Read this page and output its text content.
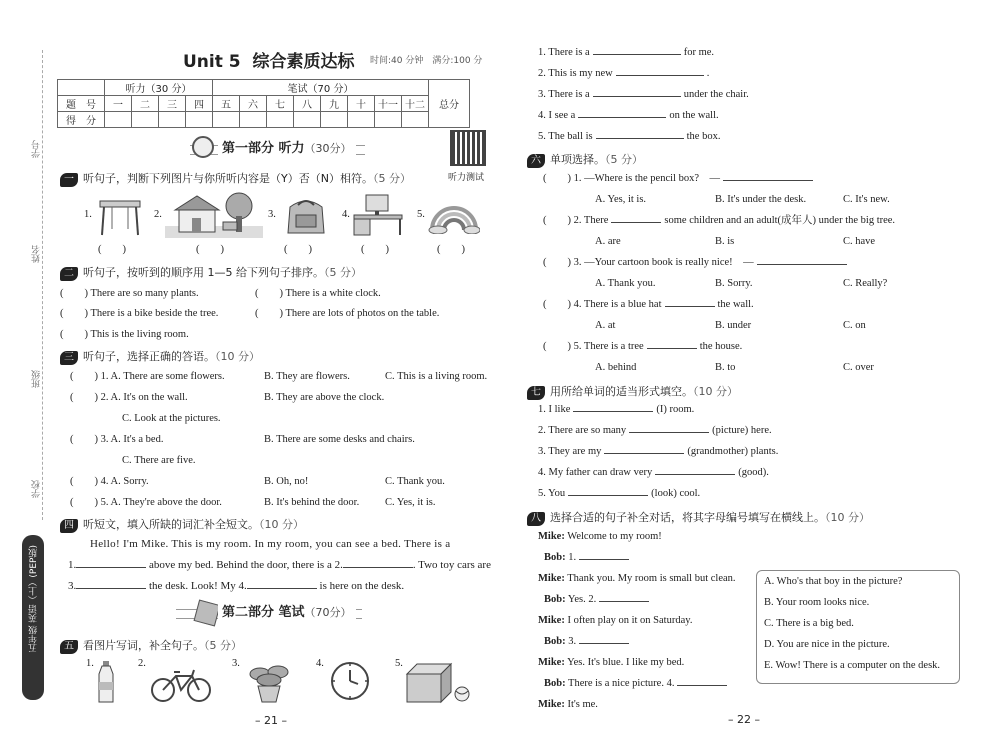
学号
姓名
班级
学校
五年级 英语（上）(PEP版)
Unit 5 综合素质达标 时间:40 分钟　满分:100 分
	听力（30 分）				笔试（70 分）								总分
题　号	一	二	三	四	五	六	七	八	九	十	十一	十二	
得　分													
听力测试
第一部分 听力（30分）
一 听句子，判断下列图片与你所听内容是（Y）否（N）相符。（5 分）
1.	2.	3.	4.	5.
(　　)	(　　)	(　　)	(　　)	(　　)
二 听句子，按听到的顺序用 1—5 给下列句子排序。（5 分）
(　　) There are so many plants.	(　　) There is a white clock.
(　　) There is a bike beside the tree.	(　　) There are lots of photos on the table.
(　　) This is the living room.
三 听句子，选择正确的答语。（10 分）
(　　) 1. A. There are some flowers.	B. They are flowers.	C. This is a living room.
(　　) 2. A. It's on the wall.	B. They are above the clock.
C. Look at the pictures.
(　　) 3. A. It's a bed.	B. There are some desks and chairs.
C. There are five.
(　　) 4. A. Sorry.	B. Oh, no!	C. Thank you.
(　　) 5. A. They're above the door.	B. It's behind the door. C. Yes, it is.
四 听短文，填入所缺的词汇补全短文。（10 分）
Hello! I'm Mike. This is my room. In my room, you can see a bed. There is a
1.	above my bed. Behind the door, there is a 2.	. Two toy cars are
3.	the desk. Look! My 4.	is here on the desk.
第二部分 笔试（70分）
五 看图片写词，补全句子。（5 分）
1.	2.	3.	4.	5.
– 21 –
1. There is a	for me.
2. This is my new	.
3. There is a	under the chair.
4. I see a	on the wall.
5. The ball is	the box.
六 单项选择。（5 分）
(　　) 1. —Where is the pencil box?　—
A. Yes, it is.	B. It's under the desk.	C. It's new.
(　　) 2. There	some children and an adult(成年人) under the big tree.
A. are	B. is	C. have
(　　) 3. —Your cartoon book is really nice!　—
A. Thank you.	B. Sorry.	C. Really?
(　　) 4. There is a blue hat	the wall.
A. at	B. under	C. on
(　　) 5. There is a tree	the house.
A. behind	B. to	C. over
七 用所给单词的适当形式填空。（10 分）
1. I like	(I) room.
2. There are so many	(picture) here.
3. They are my	(grandmother) plants.
4. My father can draw very	(good).
5. You	(look) cool.
八 选择合适的句子补全对话，将其字母编号填写在横线上。（10 分）
Mike: Welcome to my room!
Bob: 1.
Mike: Thank you. My room is small but clean.
Bob: Yes. 2.
Mike: I often play on it on Saturday.
Bob: 3.
Mike: Yes. It's blue. I like my bed.
Bob: There is a nice picture. 4.
Mike: It's me.
A. Who's that boy in the picture?
B. Your room looks nice.
C. There is a big bed.
D. You are nice in the picture.
E. Wow! There is a computer on the desk.
– 22 –
